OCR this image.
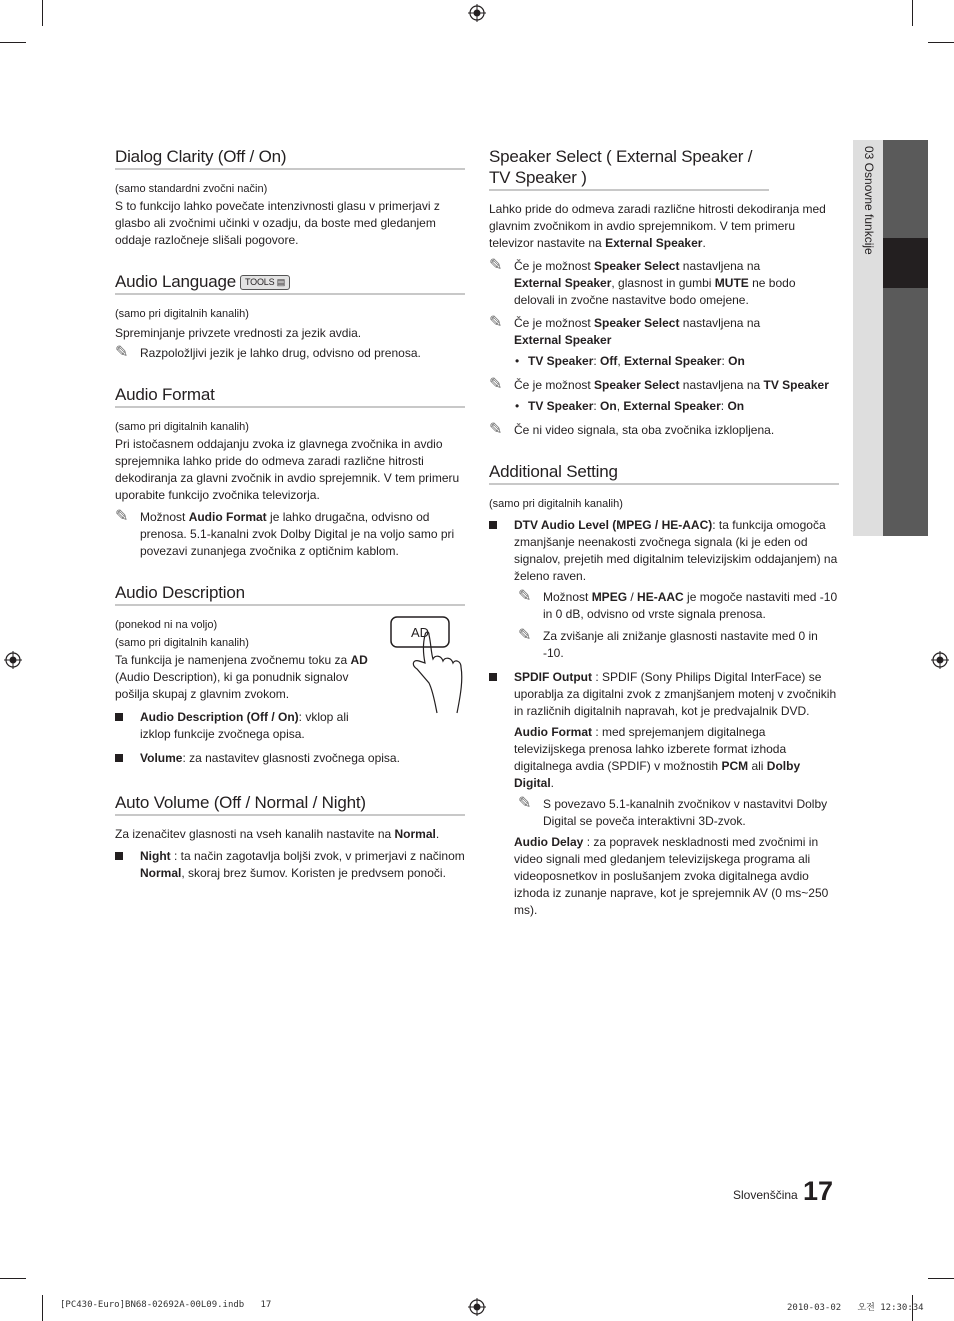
03 Osnovne funkcije
Dialog Clarity (Off / On)

(samo standardni zvočni način)

S to funkcijo lahko povečate intenzivnosti glasu v primerjavi z glasbo ali zvočnimi učinki v ozadju, da boste med gledanjem oddaje razločneje slišali pogovore.

Audio Language TOOLS ▤

(samo pri digitalnih kanalih)

Spreminjanje privzete vrednosti za jezik avdia.

✎ Razpoložljivi jezik je lahko drug, odvisno od prenosa.
Audio Format

(samo pri digitalnih kanalih)

Pri istočasnem oddajanju zvoka iz glavnega zvočnika in avdio sprejemnika lahko pride do odmeva zaradi različne hitrosti dekodiranja za glavni zvočnik in avdio sprejemnik. V tem primeru uporabite funkcijo zvočnika televizorja.

✎ Možnost Audio Format je lahko drugačna, odvisno od prenosa. 5.1-kanalni zvok Dolby Digital je na voljo samo pri povezavi zunanjega zvočnika z optičnim kablom.
Audio Description

(ponekod ni na voljo)

(samo pri digitalnih kanalih)

Ta funkcija je namenjena zvočnemu toku za AD (Audio Description), ki ga ponudnik signalov pošilja skupaj z glavnim zvokom.

Audio Description (Off / On): vklop ali izklop funkcije zvočnega opisa.
Volume: za nastavitev glasnosti zvočnega opisa.
Auto Volume (Off / Normal / Night)

Za izenačitev glasnosti na vseh kanalih nastavite na Normal.

Night : ta način zagotavlja boljši zvok, v primerjavi z načinom Normal, skoraj brez šumov. Koristen je predvsem ponoči.
AD
Speaker Select ( External Speaker / TV Speaker )

Lahko pride do odmeva zaradi različne hitrosti dekodiranja med glavnim zvočnikom in avdio sprejemnikom. V tem primeru televizor nastavite na External Speaker.

✎ Če je možnost Speaker Select nastavljena na
External Speaker, glasnost in gumbi MUTE ne bodo delovali in zvočne nastavitve bodo omejene.
✎ Če je možnost Speaker Select nastavljena na
External Speaker
• TV Speaker: Off, External Speaker: On
✎ Če je možnost Speaker Select nastavljena na TV Speaker
• TV Speaker: On, External Speaker: On
✎ Če ni video signala, sta oba zvočnika izklopljena.
Additional Setting

(samo pri digitalnih kanalih)

DTV Audio Level (MPEG / HE-AAC): ta funkcija omogoča zmanjšanje neenakosti zvočnega signala (ki je eden od signalov, prejetih med digitalnim televizijskim oddajanjem) na želeno raven.
✎ Možnost MPEG / HE-AAC je mogoče nastaviti med -10 in 0 dB, odvisno od vrste signala prenosa.
✎ Za zvišanje ali znižanje glasnosti nastavite med 0 in -10.
SPDIF Output : SPDIF (Sony Philips Digital InterFace) se uporablja za digitalni zvok z zmanjšanjem motenj v zvočnikih in različnih digitalnih napravah, kot je predvajalnik DVD.

Audio Format : med sprejemanjem digitalnega televizijskega prenosa lahko izberete format izhoda digitalnega avdia (SPDIF) v možnostih PCM ali Dolby Digital.

✎ S povezavo 5.1-kanalnih zvočnikov v nastavitvi Dolby Digital se poveča interaktivni 3D-zvok.

Audio Delay : za popravek neskladnosti med zvočnimi in video signali med gledanjem televizijskega programa ali videoposnetkov in poslušanjem zvoka digitalnega avdio izhoda iz zunanje naprave, kot je sprejemnik AV (0 ms~250 ms).

Slovenščina 17
[PC430-Euro]BN68-02692A-00L09.indb   17	2010-03-02   오전 12:30:34
